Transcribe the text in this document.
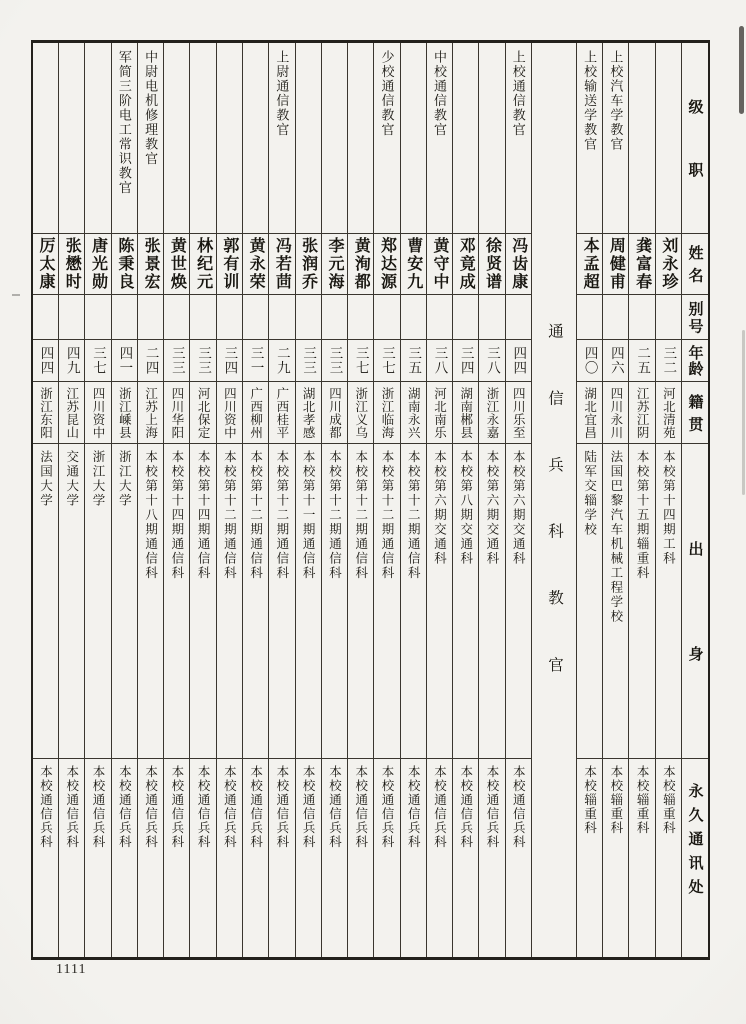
级职
姓名
别号
年龄
籍贯
出身
永久通讯处
刘永珍
三二
河北清苑
本校第十四期工科
本校辎重科
龚富春
二五
江苏江阴
本校第十五期辎重科
本校辎重科
上校汽车学教官
周健甫
四六
四川永川
法国巴黎汽车机械工程学校
本校辎重科
上校输送学教官
本孟超
四〇
湖北宜昌
陆军交辎学校
本校辎重科
通信兵科教官
上校通信教官
冯齿康
四四
四川乐至
本校第六期交通科
本校通信兵科
徐贤谱
三八
浙江永嘉
本校第六期交通科
本校通信兵科
邓竟成
三四
湖南郴县
本校第八期交通科
本校通信兵科
中校通信教官
黄守中
三八
河北南乐
本校第六期交通科
本校通信兵科
曹安九
三五
湖南永兴
本校第十二期通信科
本校通信兵科
少校通信教官
郑达源
三七
浙江临海
本校第十二期通信科
本校通信兵科
黄洵都
三七
浙江义乌
本校第十二期通信科
本校通信兵科
李元海
三三
四川成都
本校第十二期通信科
本校通信兵科
张润乔
三三
湖北孝感
本校第十一期通信科
本校通信兵科
上尉通信教官
冯若茴
二九
广西桂平
本校第十二期通信科
本校通信兵科
黄永荣
三一
广西柳州
本校第十二期通信科
本校通信兵科
郭有训
三四
四川资中
本校第十二期通信科
本校通信兵科
林纪元
三三
河北保定
本校第十四期通信科
本校通信兵科
黄世焕
三三
四川华阳
本校第十四期通信科
本校通信兵科
中尉电机修理教官
张景宏
二四
江苏上海
本校第十八期通信科
本校通信兵科
军简三阶电工常识教官
陈秉良
四一
浙江嵊县
浙江大学
本校通信兵科
唐光勋
三七
四川资中
浙江大学
本校通信兵科
张懋时
四九
江苏昆山
交通大学
本校通信兵科
厉太康
四四
浙江东阳
法国大学
本校通信兵科
1111
